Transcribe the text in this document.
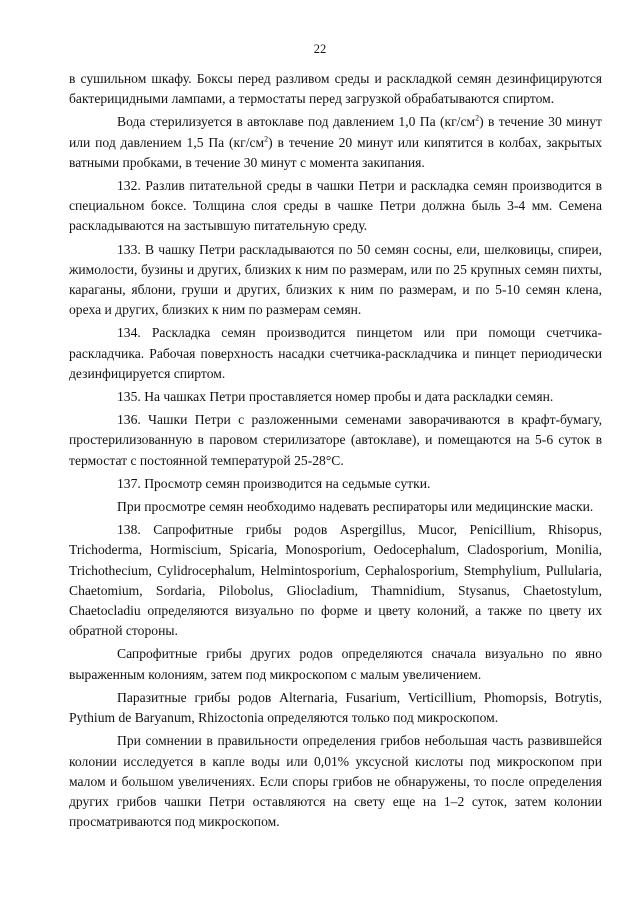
22

в сушильном шкафу. Боксы перед разливом среды и раскладкой семян дезинфицируются бактерицидными лампами, а термостаты перед загрузкой обрабатываются спиртом.

Вода стерилизуется в автоклаве под давлением 1,0 Па $(кг/см^2)$ в течение 30 минут или под давлением 1,5 Па $(кг/см^2)$ в течение 20 минут или кипятится в колбах, закрытых ватными пробками, в течение 30 минут с момента закипания.

132. Разлив питательной среды в чашки Петри и раскладка семян производится в специальном боксе. Толщина слоя среды в чашке Петри должна быль 3-4 мм. Семена раскладываются на застывшую питательную среду.

133. В чашку Петри раскладываются по 50 семян сосны, ели, шелковицы, спиреи, жимолости, бузины и других, близких к ним по размерам, или по 25 крупных семян пихты, караганы, яблони, груши и других, близких к ним по размерам, и по 5-10 семян клена, ореха и других, близких к ним по размерам семян.

134. Раскладка семян производится пинцетом или при помощи счетчика-раскладчика. Рабочая поверхность насадки счетчика-раскладчика и пинцет периодически дезинфицируется спиртом.

135. На чашках Петри проставляется номер пробы и дата раскладки семян.

136. Чашки Петри с разложенными семенами заворачиваются в крафт-бумагу, простерилизованную в паровом стерилизаторе (автоклаве), и помещаются на 5-6 суток в термостат с постоянной температурой 25-28°C.

137. Просмотр семян производится на седьмые сутки.

При просмотре семян необходимо надевать респираторы или медицинские маски.

138. Сапрофитные грибы родов Aspergillus, Mucor, Penicillium, Rhisopus, Trichoderma, Hormiscium, Spicaria, Monosporium, Oedocephalum, Cladosporium, Monilia, Trichothecium, Cylidrocephalum, Helmintosporium, Cephalosporium, Stemphylium, Pullularia, Chaetomium, Sordaria, Pilobolus, Gliocladium, Thamnidium, Stysanus, Chaetostylum, Chaetocladiu определяются визуально по форме и цвету колоний, а также по цвету их обратной стороны.

Сапрофитные грибы других родов определяются сначала визуально по явно выраженным колониям, затем под микроскопом с малым увеличением.

Паразитные грибы родов Alternaria, Fusarium, Verticillium, Phomopsis, Botrytis, Pythium de Baryanum, Rhizoctonia определяются только под микроскопом.

При сомнении в правильности определения грибов небольшая часть развившейся колонии исследуется в капле воды или 0,01% уксусной кислоты под микроскопом при малом и большом увеличениях. Если споры грибов не обнаружены, то после определения других грибов чашки Петри оставляются на свету еще на 1–2 суток, затем колонии просматриваются под микроскопом.
